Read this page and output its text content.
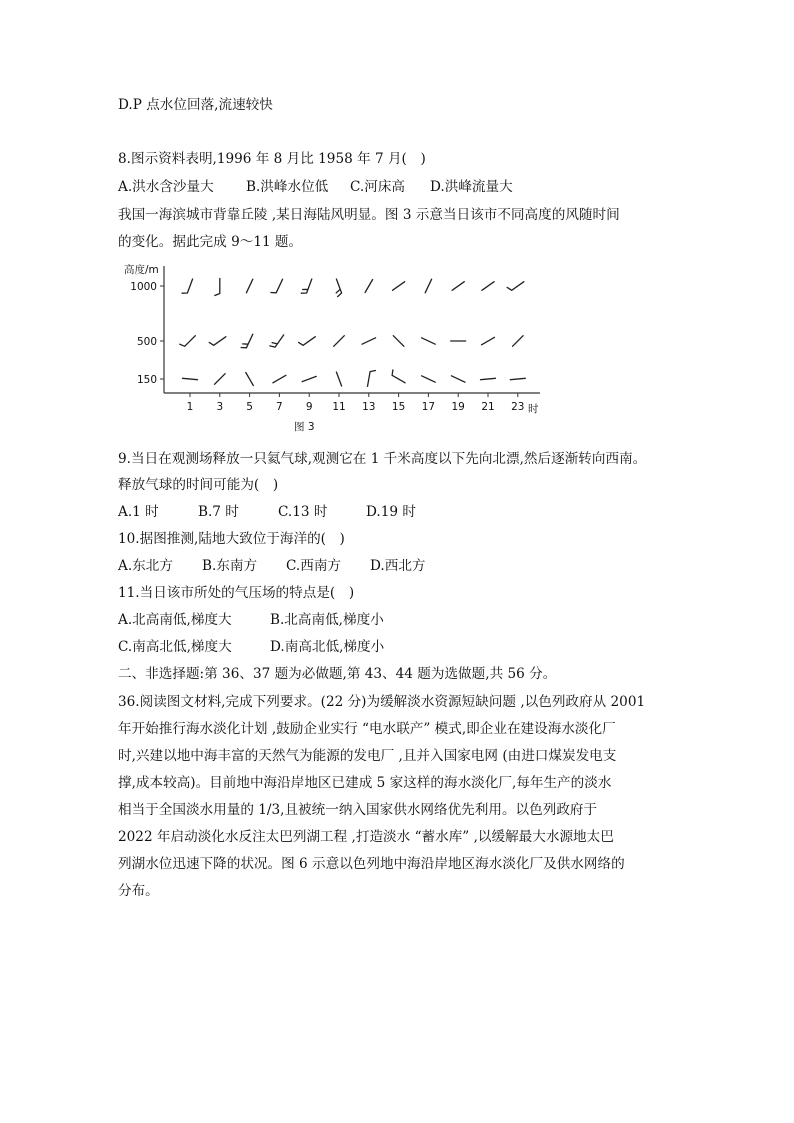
D.P 点水位回落,流速较快
8.图示资料表明,1996 年 8 月比 1958 年 7 月(　)
A.洪水含沙量大 B.洪峰水位低 C.河床高 D.洪峰流量大
我国一海滨城市背靠丘陵 ,某日海陆风明显。图 3 示意当日该市不同高度的风随时间
的变化。据此完成 9～11 题。
高度/m
1000
500
150
1 3 5 7 9 11 13 15 17 19 21 23 时
图 3
9.当日在观测场释放一只氦气球,观测它在 1 千米高度以下先向北漂,然后逐渐转向西南。
释放气球的时间可能为(　)
A.1 时	B.7 时	C.13 时	D.19 时
10.据图推测,陆地大致位于海洋的(　)
A.东北方 B.东南方 C.西南方 D.西北方
11.当日该市所处的气压场的特点是(　)
A.北高南低,梯度大	B.北高南低,梯度小
C.南高北低,梯度大	D.南高北低,梯度小
二、非选择题:第 36、37 题为必做题,第 43、44 题为选做题,共 56 分。
36.阅读图文材料,完成下列要求。(22 分)为缓解淡水资源短缺问题 ,以色列政府从 2001
年开始推行海水淡化计划 ,鼓励企业实行 “电水联产” 模式,即企业在建设海水淡化厂
时,兴建以地中海丰富的天然气为能源的发电厂 ,且并入国家电网 (由进口煤炭发电支
撑,成本较高)。目前地中海沿岸地区已建成 5 家这样的海水淡化厂,每年生产的淡水
相当于全国淡水用量的 1/3,且被统一纳入国家供水网络优先利用。以色列政府于
2022 年启动淡化水反注太巴列湖工程 ,打造淡水 “蓄水库” ,以缓解最大水源地太巴
列湖水位迅速下降的状况。图 6 示意以色列地中海沿岸地区海水淡化厂及供水网络的
分布。
